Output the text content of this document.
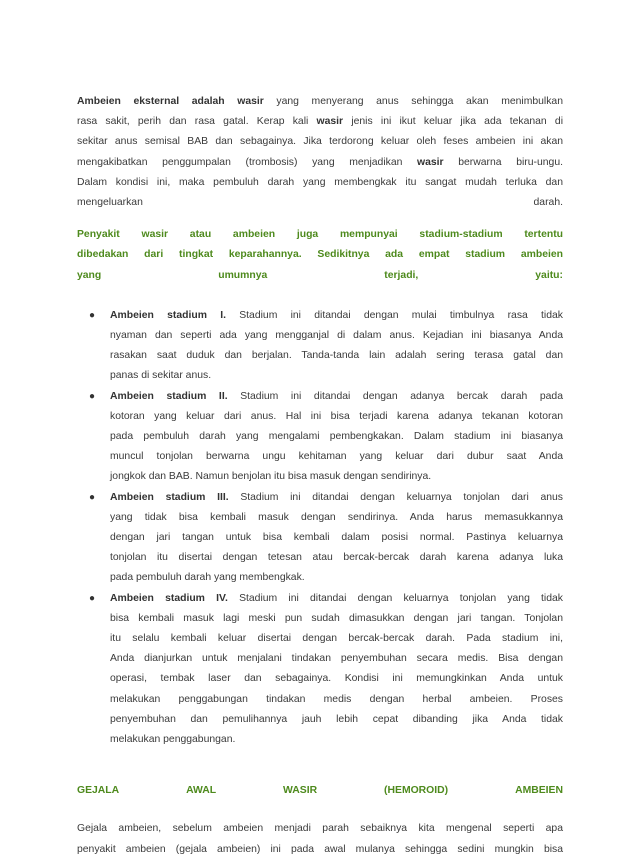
Ambeien eksternal adalah wasir yang menyerang anus sehingga akan menimbulkan
rasa sakit, perih dan rasa gatal. Kerap kali wasir jenis ini ikut keluar jika ada tekanan di
sekitar anus semisal BAB dan sebagainya. Jika terdorong keluar oleh feses ambeien ini akan
mengakibatkan penggumpalan (trombosis) yang menjadikan wasir berwarna biru-ungu.
Dalam kondisi ini, maka pembuluh darah yang membengkak itu sangat mudah terluka dan
mengeluarkan	darah.
Penyakit wasir atau ambeien juga mempunyai stadium-stadium tertentu
dibedakan dari tingkat keparahannya. Sedikitnya ada empat stadium ambeien
yang	umumnya	terjadi,	yaitu:
● Ambeien stadium I. Stadium ini ditandai dengan mulai timbulnya rasa tidak
nyaman dan seperti ada yang mengganjal di dalam anus. Kejadian ini biasanya Anda
rasakan saat duduk dan berjalan. Tanda-tanda lain adalah sering terasa gatal dan
panas di sekitar anus.
● Ambeien stadium II. Stadium ini ditandai dengan adanya bercak darah pada
kotoran yang keluar dari anus. Hal ini bisa terjadi karena adanya tekanan kotoran
pada pembuluh darah yang mengalami pembengkakan. Dalam stadium ini biasanya
muncul tonjolan berwarna ungu kehitaman yang keluar dari dubur saat Anda
jongkok dan BAB. Namun benjolan itu bisa masuk dengan sendirinya.
● Ambeien stadium III. Stadium ini ditandai dengan keluarnya tonjolan dari anus
yang tidak bisa kembali masuk dengan sendirinya. Anda harus memasukkannya
dengan jari tangan untuk bisa kembali dalam posisi normal. Pastinya keluarnya
tonjolan itu disertai dengan tetesan atau bercak-bercak darah karena adanya luka
pada pembuluh darah yang membengkak.
● Ambeien stadium IV. Stadium ini ditandai dengan keluarnya tonjolan yang tidak
bisa kembali masuk lagi meski pun sudah dimasukkan dengan jari tangan. Tonjolan
itu selalu kembali keluar disertai dengan bercak-bercak darah. Pada stadium ini,
Anda dianjurkan untuk menjalani tindakan penyembuhan secara medis. Bisa dengan
operasi, tembak laser dan sebagainya. Kondisi ini memungkinkan Anda untuk
melakukan penggabungan tindakan medis dengan herbal ambeien. Proses
penyembuhan dan pemulihannya jauh lebih cepat dibanding jika Anda tidak
melakukan penggabungan.
GEJALA	AWAL	WASIR	(HEMOROID)	AMBEIEN
Gejala ambeien, sebelum ambeien menjadi parah sebaiknya kita mengenal seperti apa
penyakit ambeien (gejala ambeien) ini pada awal mulanya sehingga sedini mungkin bisa
